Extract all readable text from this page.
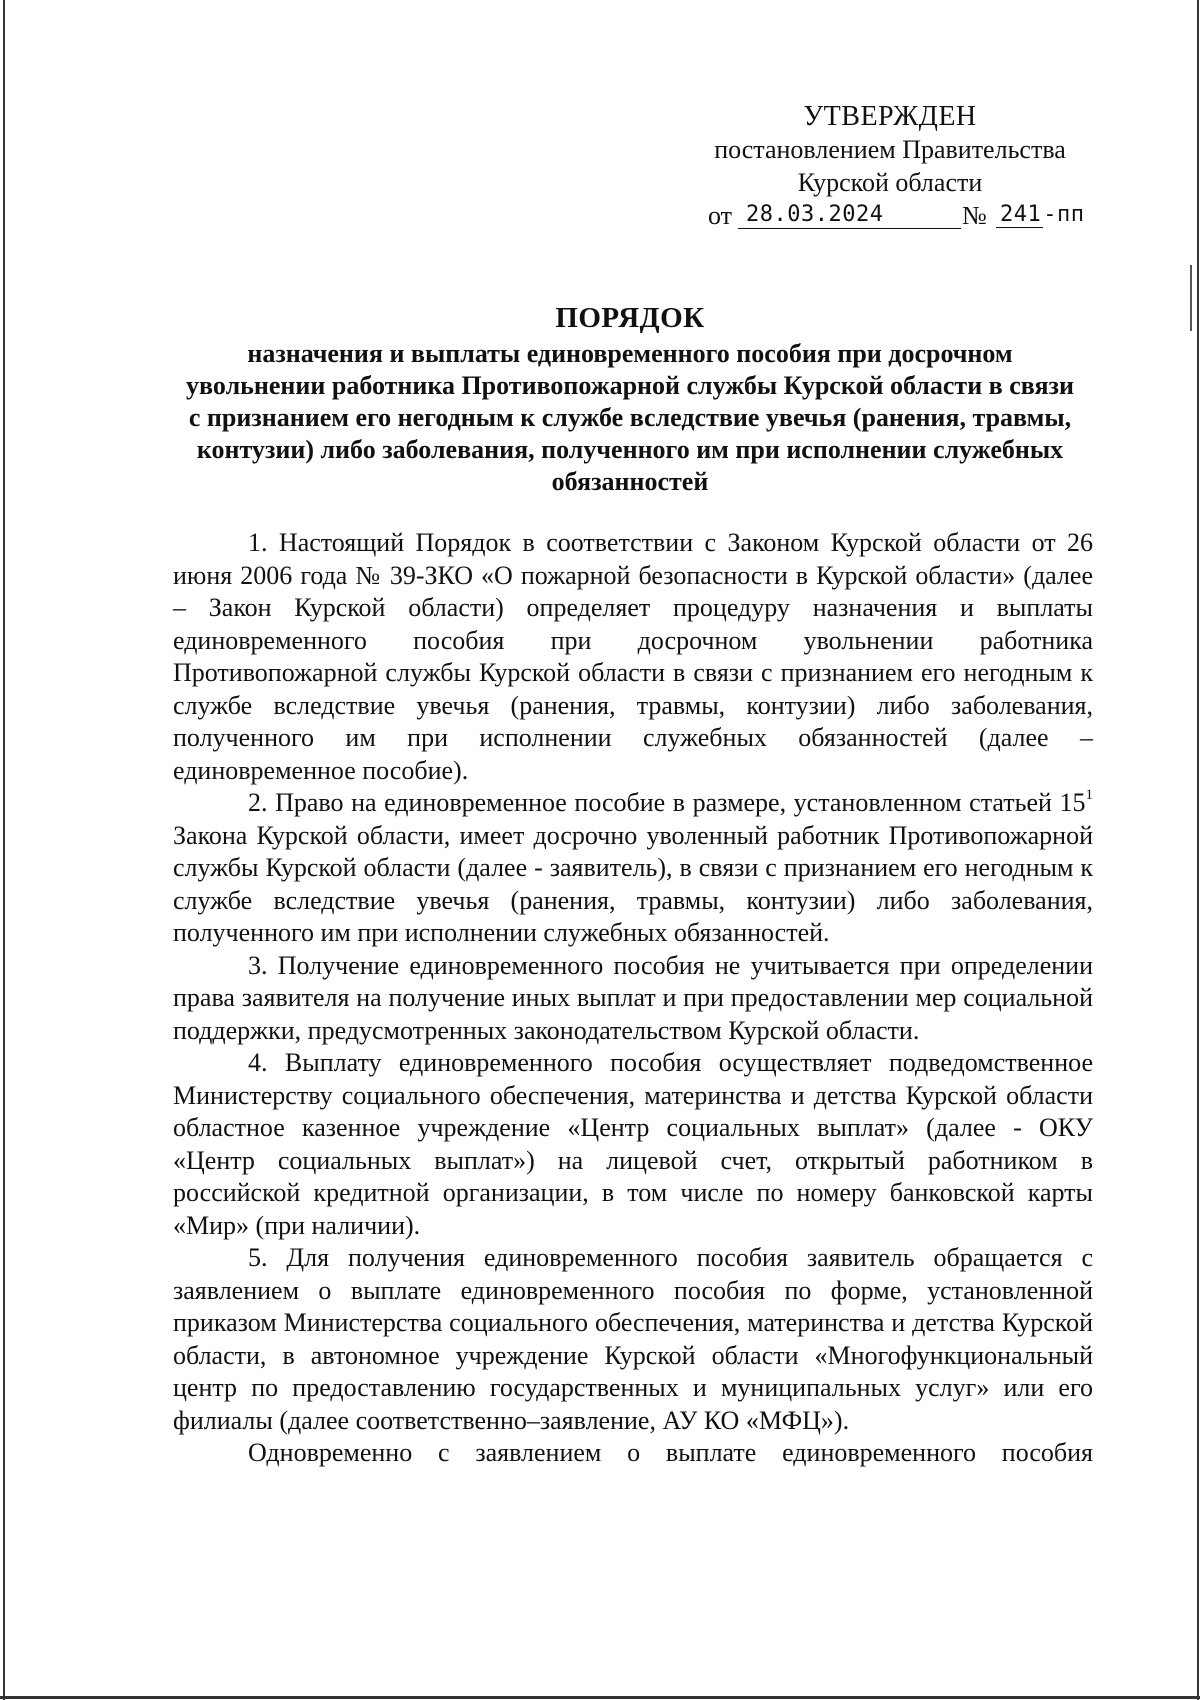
УТВЕРЖДЕН
постановлением Правительства
Курской области
от 28.03.2024	№ 241-пп
ПОРЯДОК
назначения и выплаты единовременного пособия при досрочном увольнении работника Противопожарной службы Курской области в связи с признанием его негодным к службе вследствие увечья (ранения, травмы, контузии) либо заболевания, полученного им при исполнении служебных обязанностей

1. Настоящий Порядок в соответствии с Законом Курской области от 26 июня 2006 года № 39-ЗКО «О пожарной безопасности в Курской области» (далее – Закон Курской области) определяет процедуру назначения и выплаты единовременного пособия при досрочном увольнении работника Противопожарной службы Курской области в связи с признанием его негодным к службе вследствие увечья (ранения, травмы, контузии) либо заболевания, полученного им при исполнении служебных обязанностей (далее – единовременное пособие).

2. Право на единовременное пособие в размере, установленном статьей $15^1$ Закона Курской области, имеет досрочно уволенный работник Противопожарной службы Курской области (далее - заявитель), в связи с признанием его негодным к службе вследствие увечья (ранения, травмы, контузии) либо заболевания, полученного им при исполнении служебных обязанностей.

3. Получение единовременного пособия не учитывается при определении права заявителя на получение иных выплат и при предоставлении мер социальной поддержки, предусмотренных законодательством Курской области.

4. Выплату единовременного пособия осуществляет подведомственное Министерству социального обеспечения, материнства и детства Курской области областное казенное учреждение «Центр социальных выплат» (далее - ОКУ «Центр социальных выплат») на лицевой счет, открытый работником в российской кредитной организации, в том числе по номеру банковской карты «Мир» (при наличии).

5. Для получения единовременного пособия заявитель обращается с заявлением о выплате единовременного пособия по форме, установленной приказом Министерства социального обеспечения, материнства и детства Курской области, в автономное учреждение Курской области «Многофункциональный центр по предоставлению государственных и муниципальных услуг» или его филиалы (далее соответственно–заявление, АУ КО «МФЦ»).

Одновременно с заявлением о выплате единовременного пособия
